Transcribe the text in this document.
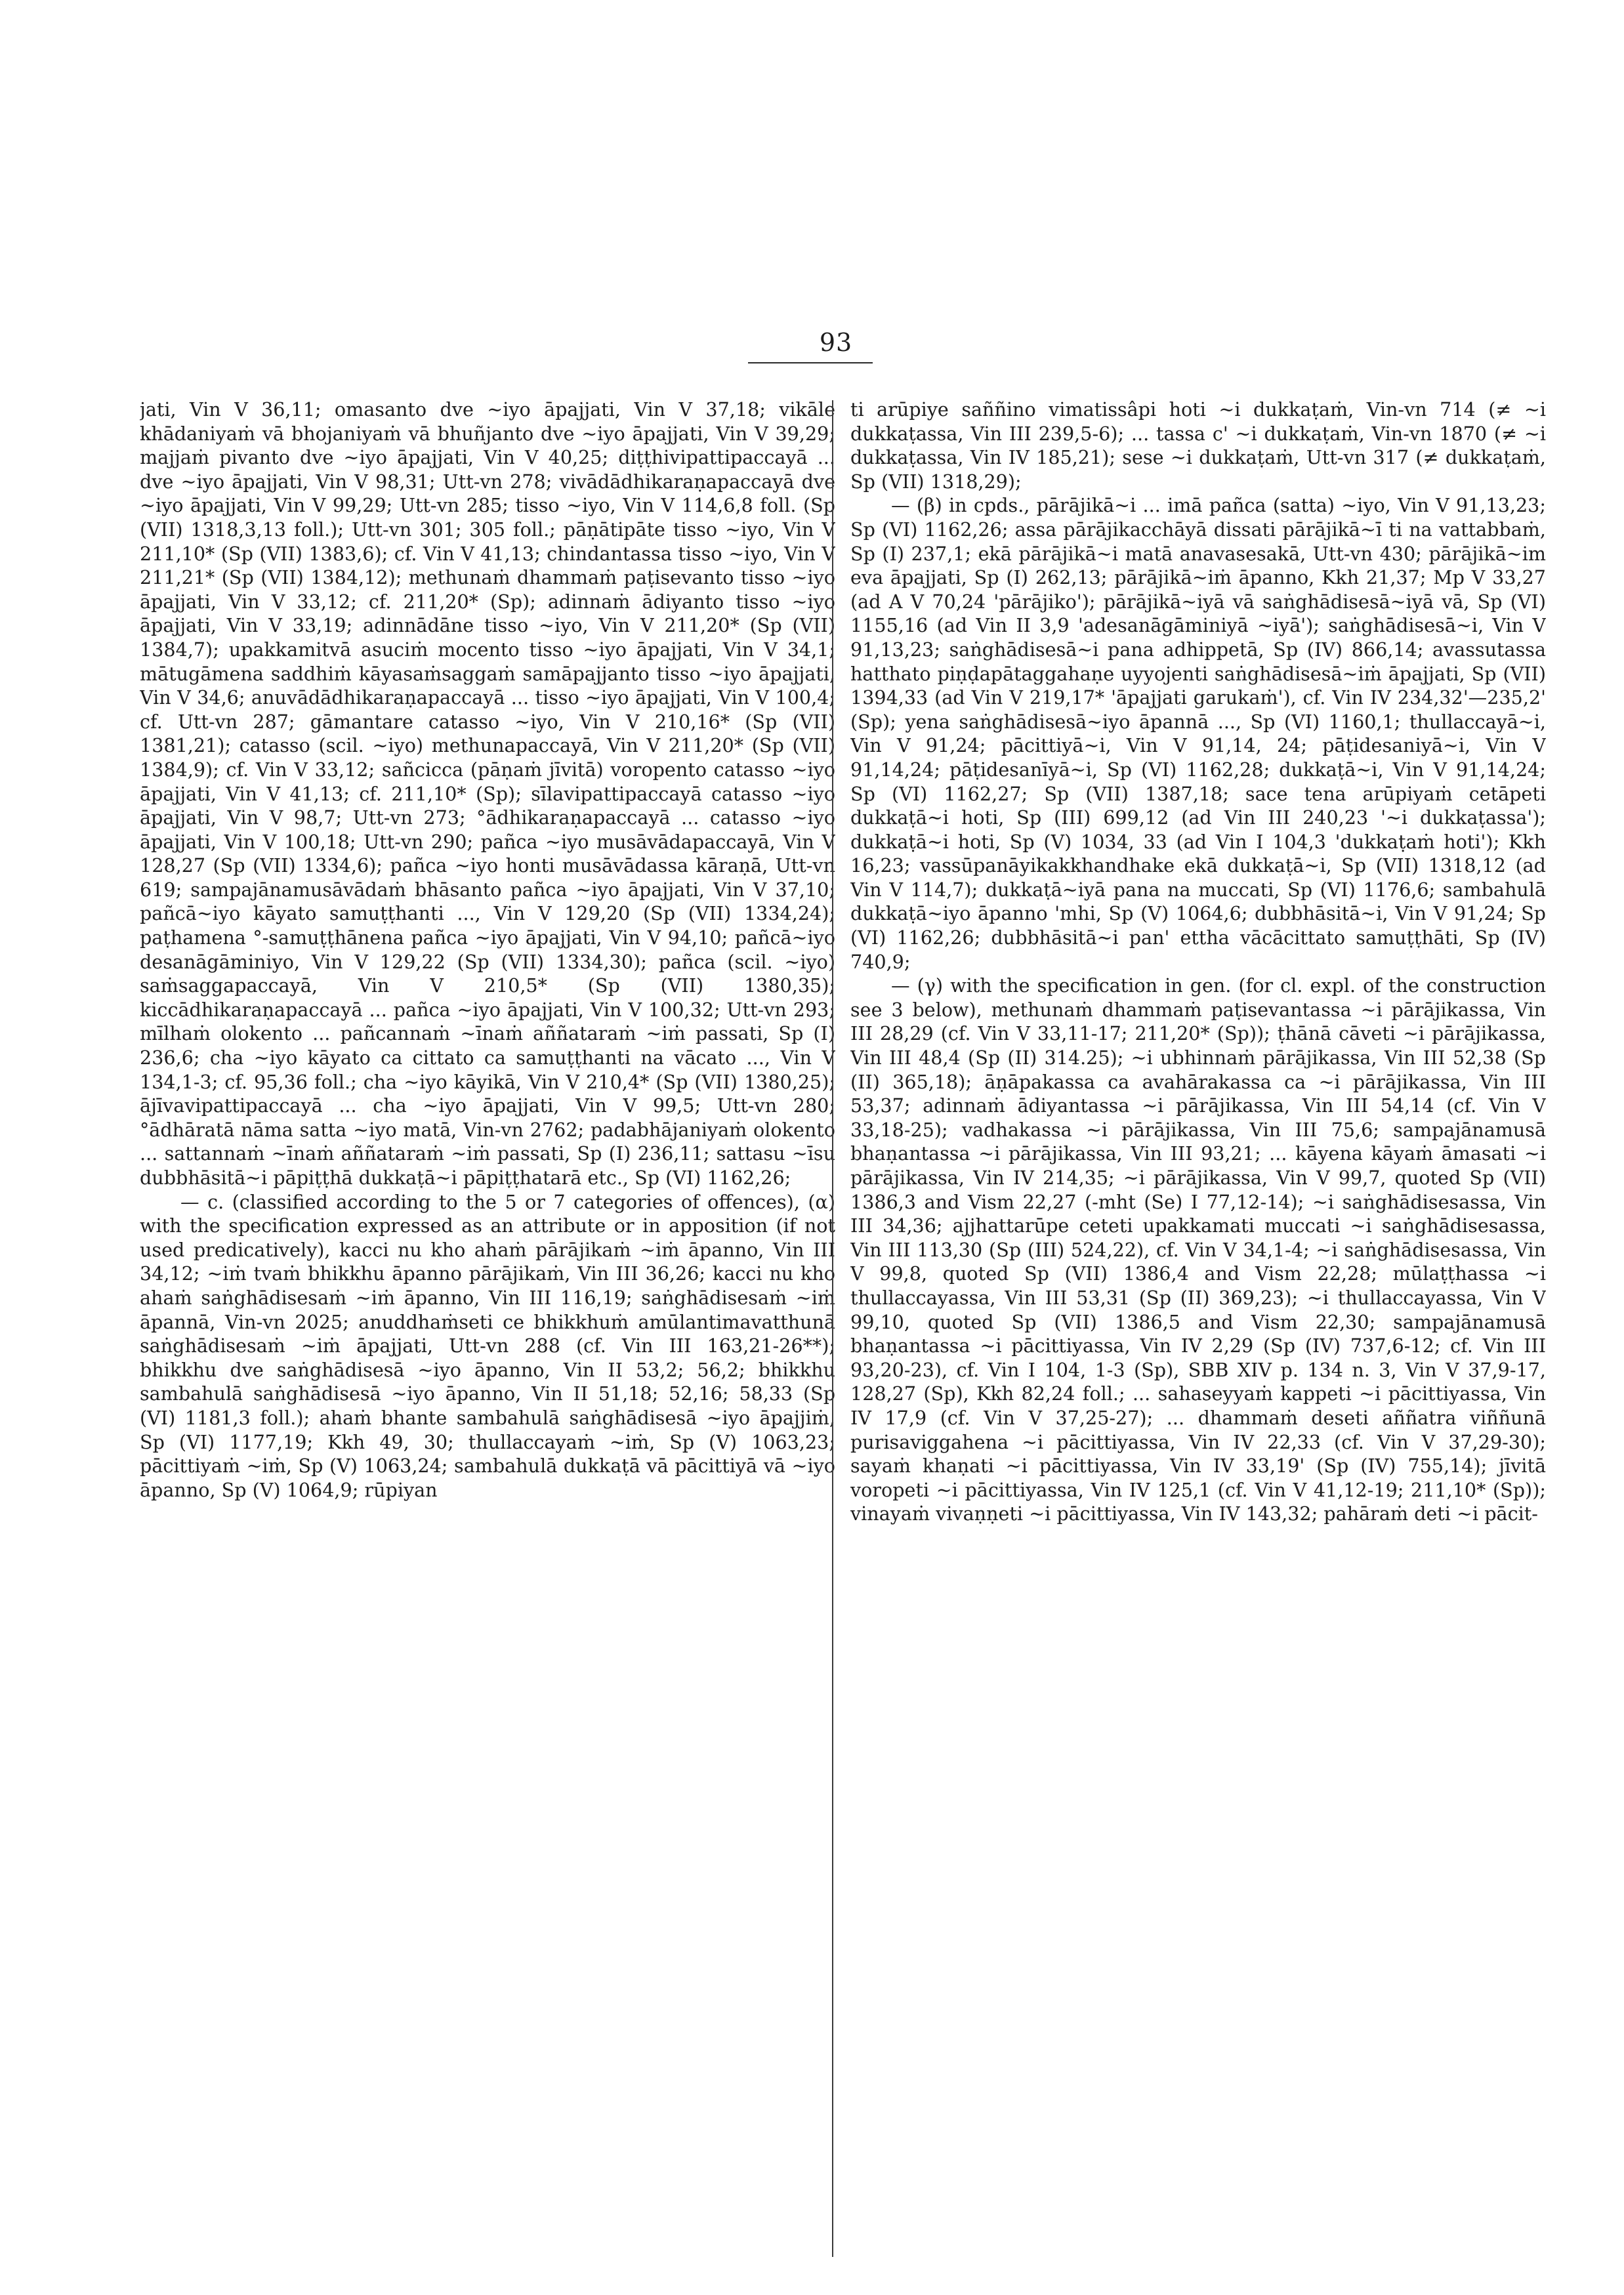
93

jati, Vin V 36,11; omasanto dve ~iyo āpajjati, Vin V 37,18; vikāle khādaniyaṁ vā bhojaniyaṁ vā bhuñjanto dve ~iyo āpajjati, Vin V 39,29; majjaṁ pivanto dve ~iyo āpajjati, Vin V 40,25; diṭṭhivipattipaccayā ... dve ~iyo āpajjati, Vin V 98,31; Utt-vn 278; vivādādhikaraṇapaccayā dve ~iyo āpajjati, Vin V 99,29; Utt-vn 285; tisso ~iyo, Vin V 114,6,8 foll. (Sp (VII) 1318,3,13 foll.); Utt-vn 301; 305 foll.; pāṇātipāte tisso ~iyo, Vin V 211,10* (Sp (VII) 1383,6); cf. Vin V 41,13; chindantassa tisso ~iyo, Vin V 211,21* (Sp (VII) 1384,12); methunaṁ dhammaṁ paṭisevanto tisso ~iyo āpajjati, Vin V 33,12; cf. 211,20* (Sp); adinnaṁ ādiyanto tisso ~iyo āpajjati, Vin V 33,19; adinnādāne tisso ~iyo, Vin V 211,20* (Sp (VII) 1384,7); upakkamitvā asuciṁ mocento tisso ~iyo āpajjati, Vin V 34,1; mātugāmena saddhiṁ kāyasaṁsaggaṁ samāpajjanto tisso ~iyo āpajjati, Vin V 34,6; anuvādādhikaraṇapaccayā ... tisso ~iyo āpajjati, Vin V 100,4; cf. Utt-vn 287; gāmantare catasso ~iyo, Vin V 210,16* (Sp (VII) 1381,21); catasso (scil. ~iyo) methunapaccayā, Vin V 211,20* (Sp (VII) 1384,9); cf. Vin V 33,12; sañcicca (pāṇaṁ jīvitā) voropento catasso ~iyo āpajjati, Vin V 41,13; cf. 211,10* (Sp); sīlavipattipaccayā catasso ~iyo āpajjati, Vin V 98,7; Utt-vn 273; °ādhikaraṇapaccayā ... catasso ~iyo āpajjati, Vin V 100,18; Utt-vn 290; pañca ~iyo musāvādapaccayā, Vin V 128,27 (Sp (VII) 1334,6); pañca ~iyo honti musāvādassa kāraṇā, Utt-vn 619; sampajānamusāvādaṁ bhāsanto pañca ~iyo āpajjati, Vin V 37,10; pañcā~iyo kāyato samuṭṭhanti ..., Vin V 129,20 (Sp (VII) 1334,24); paṭhamena °-samuṭṭhānena pañca ~iyo āpajjati, Vin V 94,10; pañcā~iyo desanāgāminiyo, Vin V 129,22 (Sp (VII) 1334,30); pañca (scil. ~iyo) saṁsaggapaccayā, Vin V 210,5* (Sp (VII) 1380,35); kiccādhikaraṇapaccayā ... pañca ~iyo āpajjati, Vin V 100,32; Utt-vn 293; mīlhaṁ olokento ... pañcannaṁ ~īnaṁ aññataraṁ ~iṁ passati, Sp (I) 236,6; cha ~iyo kāyato ca cittato ca samuṭṭhanti na vācato ..., Vin V 134,1-3; cf. 95,36 foll.; cha ~iyo kāyikā, Vin V 210,4* (Sp (VII) 1380,25); ājīvavipattipaccayā ... cha ~iyo āpajjati, Vin V 99,5; Utt-vn 280; °ādhāratā nāma satta ~iyo matā, Vin-vn 2762; padabhājaniyaṁ olokento ... sattannaṁ ~īnaṁ aññataraṁ ~iṁ passati, Sp (I) 236,11; sattasu ~īsu dubbhāsitā~i pāpiṭṭhā dukkaṭā~i pāpiṭṭhatarā etc., Sp (VI) 1162,26;

— c. (classified according to the 5 or 7 categories of offences), (α) with the specification expressed as an attribute or in apposition (if not used predicatively), kacci nu kho ahaṁ pārājikaṁ ~iṁ āpanno, Vin III 34,12; ~iṁ tvaṁ bhikkhu āpanno pārājikaṁ, Vin III 36,26; kacci nu kho ahaṁ saṅghādisesaṁ ~iṁ āpanno, Vin III 116,19; saṅghādisesaṁ ~iṁ āpannā, Vin-vn 2025; anuddhaṁseti ce bhikkhuṁ amūlantimavatthunā saṅghādisesaṁ ~iṁ āpajjati, Utt-vn 288 (cf. Vin III 163,21-26**); bhikkhu dve saṅghādisesā ~iyo āpanno, Vin II 53,2; 56,2; bhikkhu sambahulā saṅghādisesā ~iyo āpanno, Vin II 51,18; 52,16; 58,33 (Sp (VI) 1181,3 foll.); ahaṁ bhante sambahulā saṅghādisesā ~iyo āpajjiṁ, Sp (VI) 1177,19; Kkh 49, 30; thullaccayaṁ ~iṁ, Sp (V) 1063,23; pācittiyaṁ ~iṁ, Sp (V) 1063,24; sambahulā dukkaṭā vā pācittiyā vā ~iyo āpanno, Sp (V) 1064,9; rūpiyan

ti arūpiye saññino vimatissâpi hoti ~i dukkaṭaṁ, Vin-vn 714 (≠ ~i dukkaṭassa, Vin III 239,5-6); ... tassa c' ~i dukkaṭaṁ, Vin-vn 1870 (≠ ~i dukkaṭassa, Vin IV 185,21); sese ~i dukkaṭaṁ, Utt-vn 317 (≠ dukkaṭaṁ, Sp (VII) 1318,29);

— (β) in cpds., pārājikā~i ... imā pañca (satta) ~iyo, Vin V 91,13,23; Sp (VI) 1162,26; assa pārājikacchāyā dissati pārājikā~ī ti na vattabbaṁ, Sp (I) 237,1; ekā pārājikā~i matā anavasesakā, Utt-vn 430; pārājikā~im eva āpajjati, Sp (I) 262,13; pārājikā~iṁ āpanno, Kkh 21,37; Mp V 33,27 (ad A V 70,24 'pārājiko'); pārājikā~iyā vā saṅghādisesā~iyā vā, Sp (VI) 1155,16 (ad Vin II 3,9 'adesanāgāminiyā ~iyā'); saṅghādisesā~i, Vin V 91,13,23; saṅghādisesā~i pana adhippetā, Sp (IV) 866,14; avassutassa hatthato piṇḍapātaggahaṇe uyyojenti saṅghādisesā~iṁ āpajjati, Sp (VII) 1394,33 (ad Vin V 219,17* 'āpajjati garukaṁ'), cf. Vin IV 234,32'—235,2' (Sp); yena saṅghādisesā~iyo āpannā ..., Sp (VI) 1160,1; thullaccayā~i, Vin V 91,24; pācittiyā~i, Vin V 91,14, 24; pāṭidesaniyā~i, Vin V 91,14,24; pāṭidesanīyā~i, Sp (VI) 1162,28; dukkaṭā~i, Vin V 91,14,24; Sp (VI) 1162,27; Sp (VII) 1387,18; sace tena arūpiyaṁ cetāpeti dukkaṭā~i hoti, Sp (III) 699,12 (ad Vin III 240,23 '~i dukkaṭassa'); dukkaṭā~i hoti, Sp (V) 1034, 33 (ad Vin I 104,3 'dukkaṭaṁ hoti'); Kkh 16,23; vassūpanāyikakkhandhake ekā dukkaṭā~i, Sp (VII) 1318,12 (ad Vin V 114,7); dukkaṭā~iyā pana na muccati, Sp (VI) 1176,6; sambahulā dukkaṭā~iyo āpanno 'mhi, Sp (V) 1064,6; dubbhāsitā~i, Vin V 91,24; Sp (VI) 1162,26; dubbhāsitā~i pan' ettha vācācittato samuṭṭhāti, Sp (IV) 740,9;

— (γ) with the specification in gen. (for cl. expl. of the construction see 3 below), methunaṁ dhammaṁ paṭisevantassa ~i pārājikassa, Vin III 28,29 (cf. Vin V 33,11-17; 211,20* (Sp)); ṭhānā cāveti ~i pārājikassa, Vin III 48,4 (Sp (II) 314.25); ~i ubhinnaṁ pārājikassa, Vin III 52,38 (Sp (II) 365,18); āṇāpakassa ca avahārakassa ca ~i pārājikassa, Vin III 53,37; adinnaṁ ādiyantassa ~i pārājikassa, Vin III 54,14 (cf. Vin V 33,18-25); vadhakassa ~i pārājikassa, Vin III 75,6; sampajānamusā bhaṇantassa ~i pārājikassa, Vin III 93,21; ... kāyena kāyaṁ āmasati ~i pārājikassa, Vin IV 214,35; ~i pārājikassa, Vin V 99,7, quoted Sp (VII) 1386,3 and Vism 22,27 (-mht (Se) I 77,12-14); ~i saṅghādisesassa, Vin III 34,36; ajjhattarūpe ceteti upakkamati muccati ~i saṅghādisesassa, Vin III 113,30 (Sp (III) 524,22), cf. Vin V 34,1-4; ~i saṅghādisesassa, Vin V 99,8, quoted Sp (VII) 1386,4 and Vism 22,28; mūlaṭṭhassa ~i thullaccayassa, Vin III 53,31 (Sp (II) 369,23); ~i thullaccayassa, Vin V 99,10, quoted Sp (VII) 1386,5 and Vism 22,30; sampajānamusā bhaṇantassa ~i pācittiyassa, Vin IV 2,29 (Sp (IV) 737,6-12; cf. Vin III 93,20-23), cf. Vin I 104, 1-3 (Sp), SBB XIV p. 134 n. 3, Vin V 37,9-17, 128,27 (Sp), Kkh 82,24 foll.; ... sahaseyyaṁ kappeti ~i pācittiyassa, Vin IV 17,9 (cf. Vin V 37,25-27); ... dhammaṁ deseti aññatra viññunā purisaviggahena ~i pācittiyassa, Vin IV 22,33 (cf. Vin V 37,29-30); sayaṁ khaṇati ~i pācittiyassa, Vin IV 33,19' (Sp (IV) 755,14); jīvitā voropeti ~i pācittiyassa, Vin IV 125,1 (cf. Vin V 41,12-19; 211,10* (Sp)); vinayaṁ vivaṇṇeti ~i pācittiyassa, Vin IV 143,32; pahāraṁ deti ~i pācit-
